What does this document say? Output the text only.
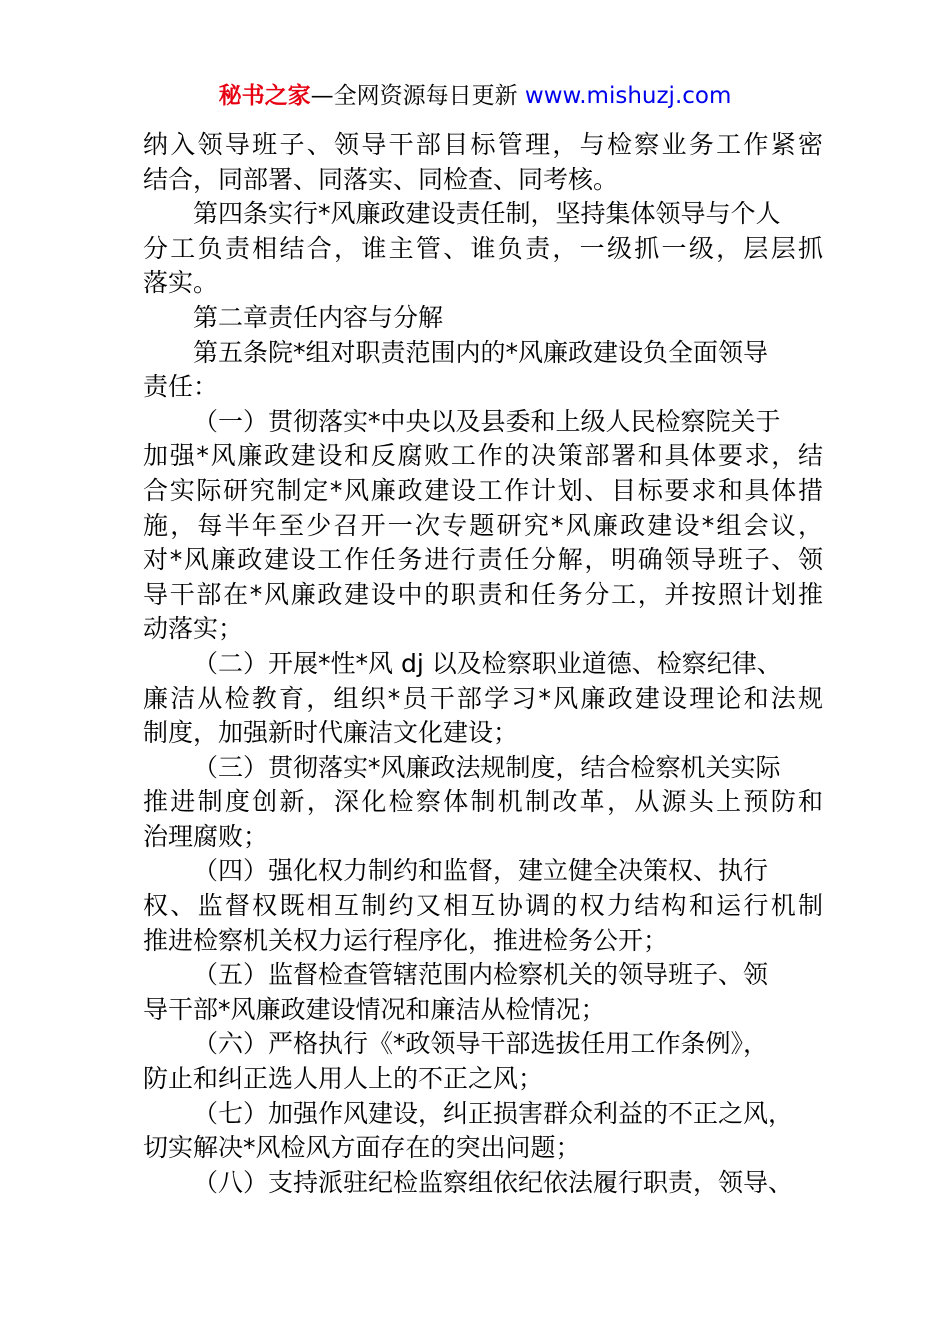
秘书之家—全网资源每日更新 www.mishuzj.com
纳入领导班子、领导干部目标管理，与检察业务工作紧密
结合，同部署、同落实、同检查、同考核。
第四条实行*风廉政建设责任制，坚持集体领导与个人
分工负责相结合，谁主管、谁负责，一级抓一级，层层抓
落实。
第二章责任内容与分解
第五条院*组对职责范围内的*风廉政建设负全面领导
责任：
（一）贯彻落实*中央以及县委和上级人民检察院关于
加强*风廉政建设和反腐败工作的决策部署和具体要求，结
合实际研究制定*风廉政建设工作计划、目标要求和具体措
施，每半年至少召开一次专题研究*风廉政建设*组会议，
对*风廉政建设工作任务进行责任分解，明确领导班子、领
导干部在*风廉政建设中的职责和任务分工，并按照计划推
动落实；
（二）开展*性*风 dj 以及检察职业道德、检察纪律、
廉洁从检教育，组织*员干部学习*风廉政建设理论和法规
制度，加强新时代廉洁文化建设；
（三）贯彻落实*风廉政法规制度，结合检察机关实际
推进制度创新，深化检察体制机制改革，从源头上预防和
治理腐败；
（四）强化权力制约和监督，建立健全决策权、执行
权、监督权既相互制约又相互协调的权力结构和运行机制
推进检察机关权力运行程序化，推进检务公开；
（五）监督检查管辖范围内检察机关的领导班子、领
导干部*风廉政建设情况和廉洁从检情况；
（六）严格执行《*政领导干部选拔任用工作条例》，
防止和纠正选人用人上的不正之风；
（七）加强作风建设，纠正损害群众利益的不正之风，
切实解决*风检风方面存在的突出问题；
（八）支持派驻纪检监察组依纪依法履行职责，领导、
